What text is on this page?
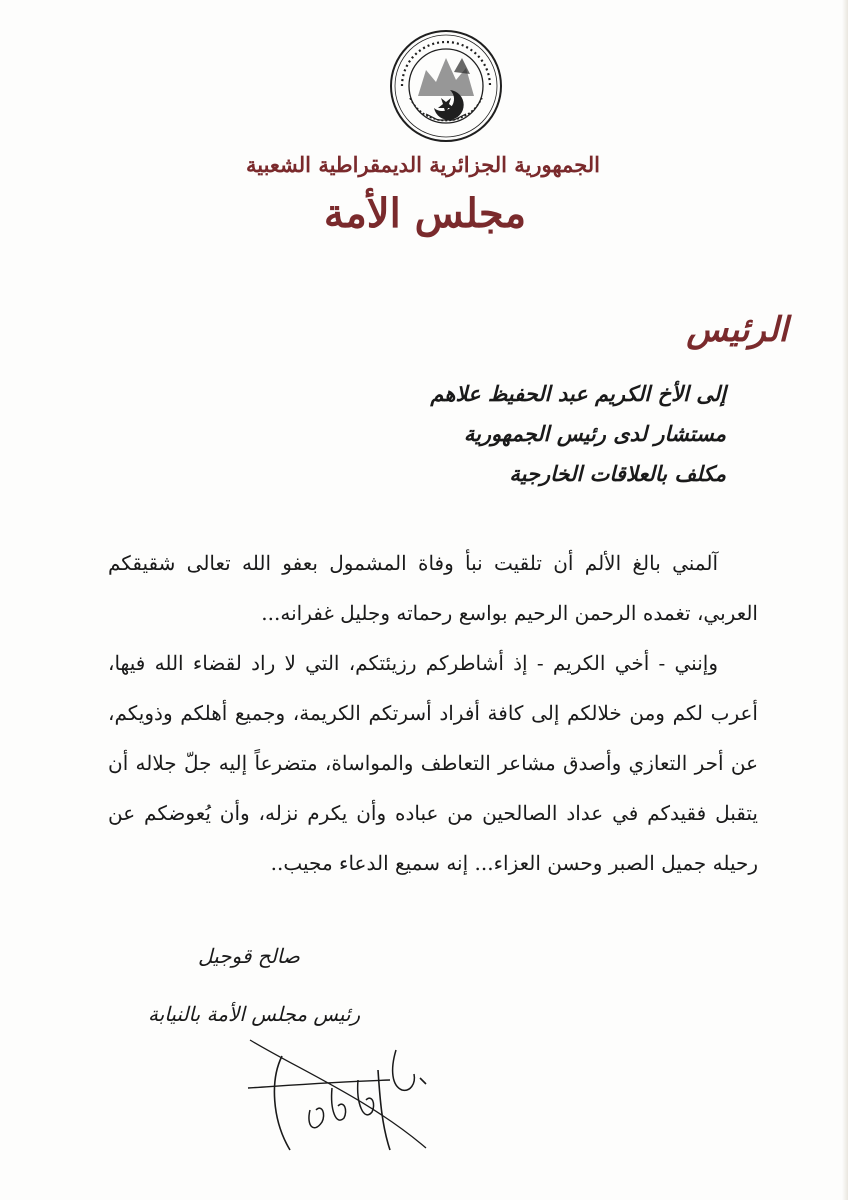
الجمهورية الجزائرية الديمقراطية الشعبية
مجلس الأمة
الرئيس
إلى الأخ الكريم عبد الحفيظ علاهم
مستشار لدى رئيس الجمهورية
مكلف بالعلاقات الخارجية

آلمني بالغ الألم أن تلقيت نبأ وفاة المشمول بعفو الله تعالى شقيقكم العربي، تغمده الرحمن الرحيم بواسع رحماته وجليل غفرانه...

وإنني - أخي الكريم - إذ أشاطركم رزيئتكم، التي لا راد لقضاء الله فيها، أعرب لكم ومن خلالكم إلى كافة أفراد أسرتكم الكريمة، وجميع أهلكم وذويكم، عن أحر التعازي وأصدق مشاعر التعاطف والمواساة، متضرعاً إليه جلّ جلاله أن يتقبل فقيدكم في عداد الصالحين من عباده وأن يكرم نزله، وأن يُعوضكم عن رحيله جميل الصبر وحسن العزاء... إنه سميع الدعاء مجيب..

صالح قوجيل
رئيس مجلس الأمة بالنيابة
